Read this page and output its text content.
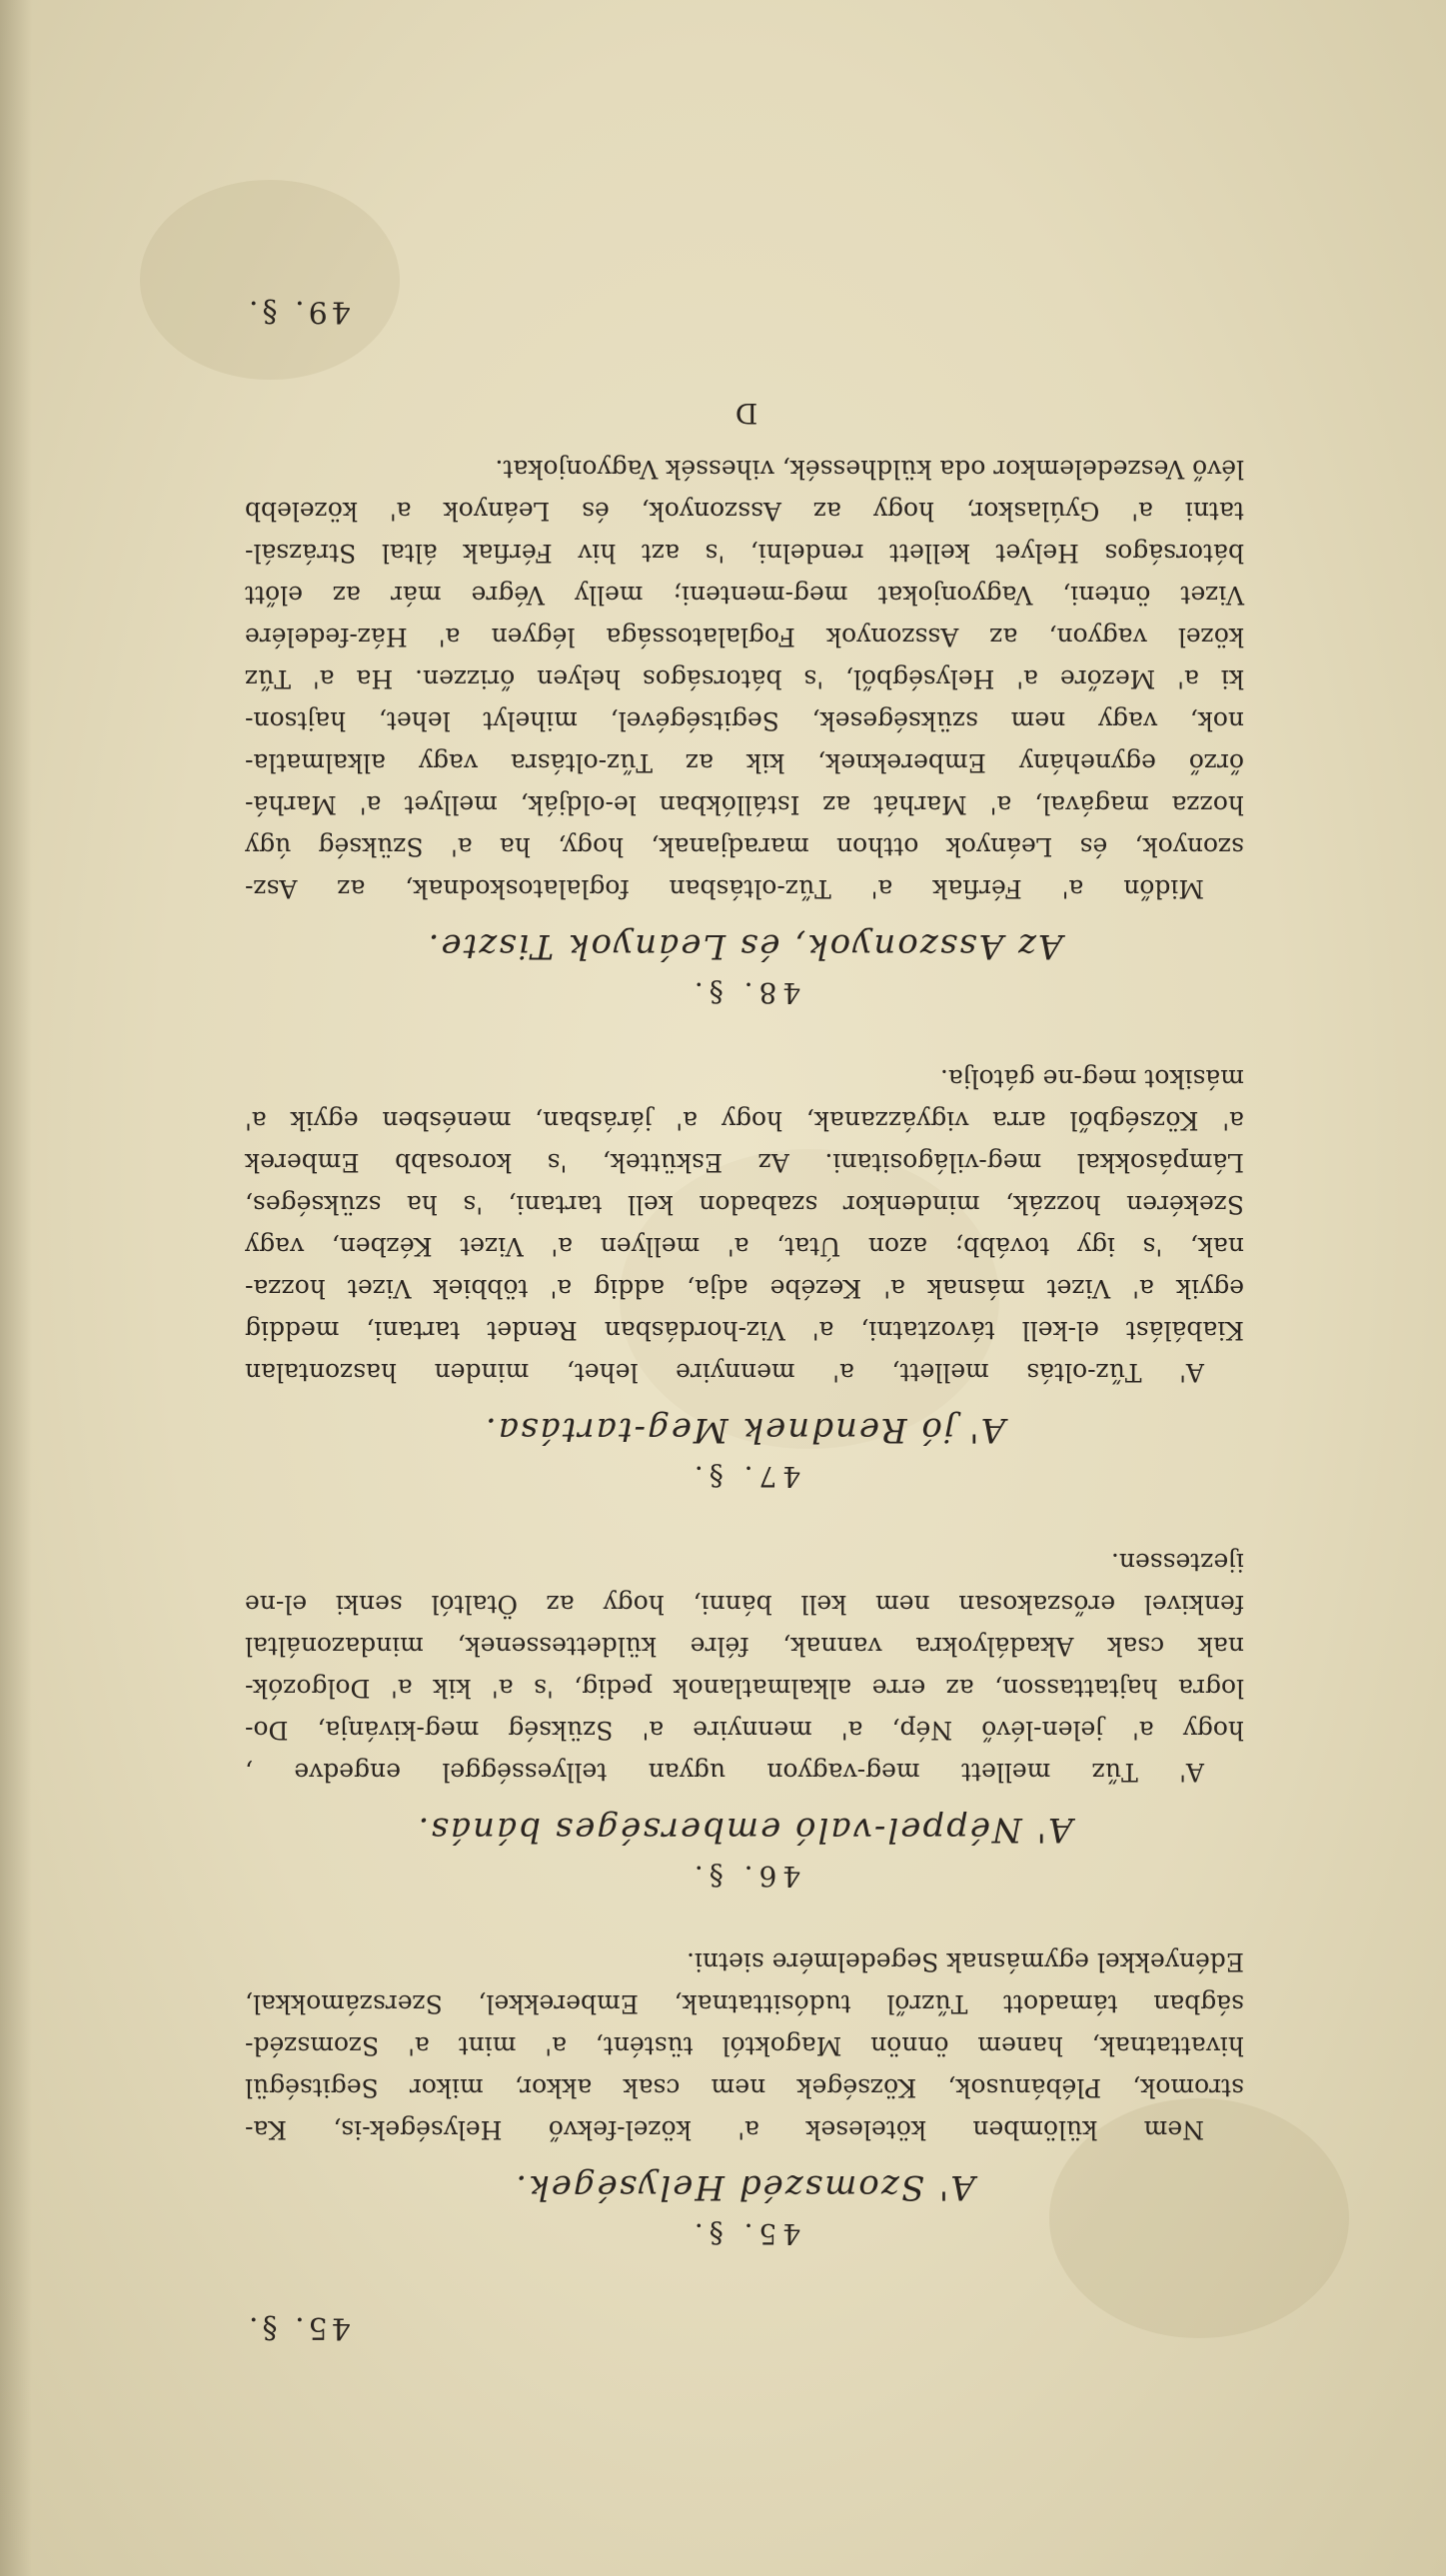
45. §.
45. §.
A' Szomszéd Helységek.
Nem külömben kötelesek a' közel-fekvő Helységek-is, Ka-
stromok, Plébánusok, Községek nem csak akkor, mikor Segitségül
hivattatnak, hanem önnön Magoktól tüstént, a' mint a' Szomszéd-
ságban támadott Tűzről tudósittatnak, Emberekkel, Szerszámokkal,
Edényekkel egymásnak Segedelmére sietni.
46. §.
A' Néppel-való emberséges bánás.
A' Tűz mellett meg-vagyon ugyan tellyességgel engedve ,
hogy a' jelen-lévő Nép, a' mennyire a' Szükség meg-kivánja, Do-
logra hajtattasson, az erre alkalmatlanok pedig, 's a' kik a' Dolgozók-
nak csak Akadályokra vannak, félre küldettessenek, mindazonáltal
fenkivel erőszakosan nem kell bánni, hogy az Ötaltól senki el-ne
ijeztessen.
47. §.
A' jó Rendnek Meg-tartása.
A' Tűz-oltás mellett, a' mennyire lehet, minden haszontalan
Kiabálást el-kell távoztatni, a' Viz-hordásban Rendet tartani, meddig
egyik a' Vizet másnak a' Kezébe adja, addig a' többiek Vizet hozza-
nak, 's igy tovább; azon Útat, a' mellyen a' Vizet Kézben, vagy
Szekéren hozzák, mindenkor szabadon kell tartani, 's ha szükséges,
Lámpásokkal meg-világositani. Az Esküttek, 's korosabb Emberek
a' Községből arra vigyázzanak, hogy a' járásban, menésben egyik a'
másikot meg-ne gátolja.
48. §.
Az Asszonyok, és Leányok Tiszte.
Midőn a' Férfiak a' Tűz-oltásban foglalatoskodnak, az Asz-
szonyok, és Leányok otthon maradjanak, hogy, ha a' Szükség úgy
hozza magával, a' Marhát az Istállókban le-oldják, mellyet a' Marhá-
őrző egynehány Embereknek, kik az Tűz-oltásra vagy alkalmatla-
nok, vagy nem szükségesek, Segitségével, mihelyt lehet, hajtson-
ki a' Mezőre a' Helységből, 's bátorságos helyen őrizzen. Ha a' Tűz
közel vagyon, az Asszonyok Foglalatossága légyen a' Ház-fedelére
Vizet önteni, Vagyonjokat meg-menteni; melly Végre már az előtt
bátorságos Helyet kellett rendelni, 's azt hiv Férfiak által Strázsál-
tatni a' Gyúlaskor, hogy az Asszonyok, és Leányok a' közelebb
lévő Veszedelemkor oda küldhessék, vihessék Vagyonjokat.
D
49. §.
